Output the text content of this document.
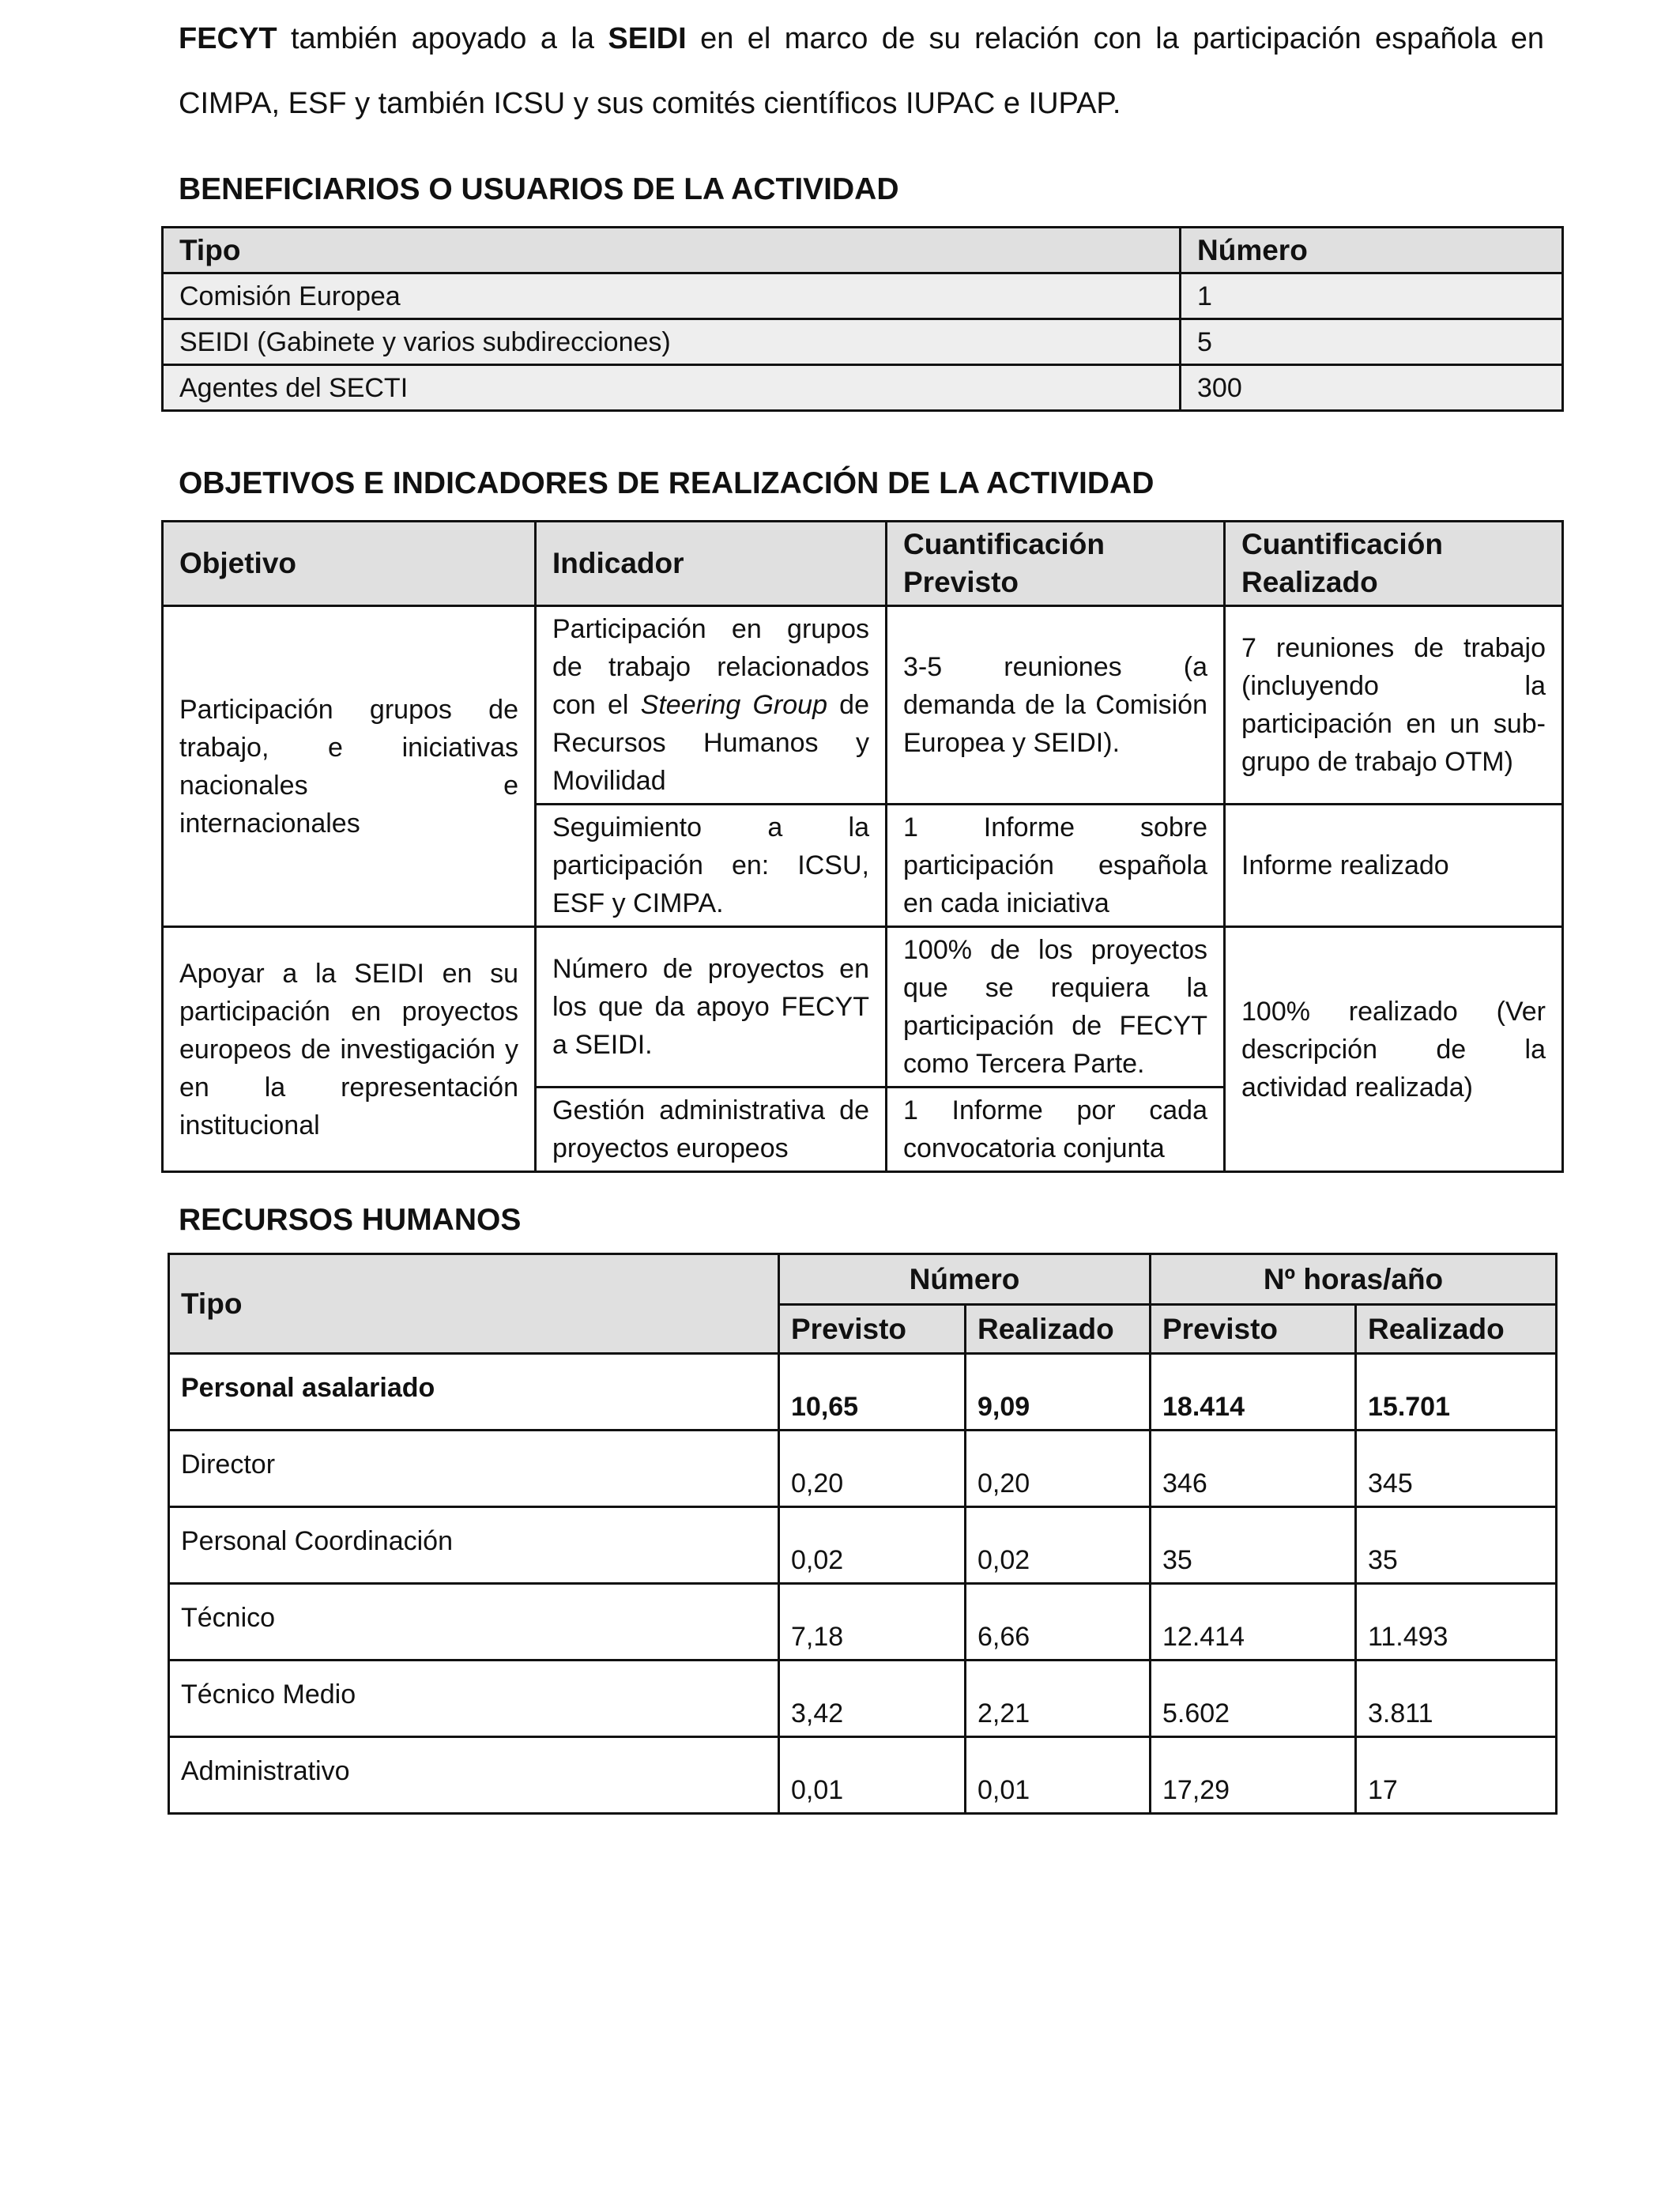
FECYT también apoyado a la SEIDI en el marco de su relación con la participación española en CIMPA, ESF y también ICSU y sus comités científicos IUPAC e IUPAP.

BENEFICIARIOS O USUARIOS DE LA ACTIVIDAD
Tipo	Número
Comisión Europea	1
SEIDI (Gabinete y varios subdirecciones)	5
Agentes del SECTI	300
OBJETIVOS E INDICADORES DE REALIZACIÓN DE LA ACTIVIDAD
Objetivo	Indicador	Cuantificación Previsto	Cuantificación Realizado
Participación grupos de trabajo, e iniciativas nacionales e internacionales	Participación en grupos de trabajo relacionados con el Steering Group de Recursos Humanos y Movilidad	3-5 reuniones (a demanda de la Comisión Europea y SEIDI).	7 reuniones de trabajo (incluyendo la participación en un sub-grupo de trabajo OTM)
	Seguimiento a la participación en: ICSU, ESF y CIMPA.	1 Informe sobre participación española en cada iniciativa	Informe realizado
Apoyar a la SEIDI en su participación en proyectos europeos de investigación y en la representación institucional	Número de proyectos en los que da apoyo FECYT a SEIDI.	100% de los proyectos que se requiera la participación de FECYT como Tercera Parte.	100% realizado (Ver descripción de la actividad realizada)
	Gestión administrativa de proyectos europeos	1 Informe por cada convocatoria conjunta	
RECURSOS HUMANOS
Tipo	Número		Nº horas/año	
	Previsto	Realizado	Previsto	Realizado
Personal asalariado	10,65	9,09	18.414	15.701
Director	0,20	0,20	346	345
Personal Coordinación	0,02	0,02	35	35
Técnico	7,18	6,66	12.414	11.493
Técnico Medio	3,42	2,21	5.602	3.811
Administrativo	0,01	0,01	17,29	17
